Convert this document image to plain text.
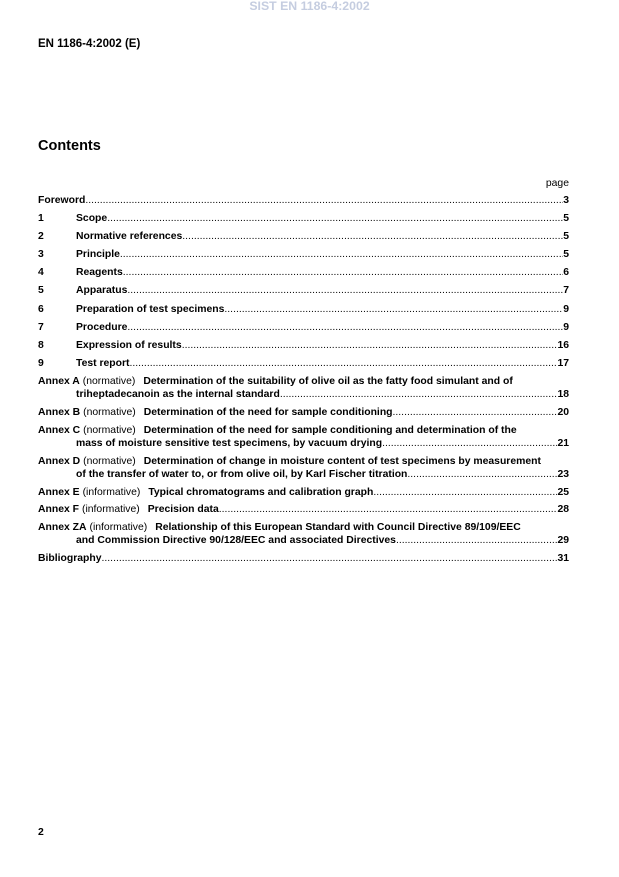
SIST EN 1186-4:2002
EN 1186-4:2002 (E)
Contents
page
Foreword .....	3
1	Scope .....	5
2	Normative references .....	5
3	Principle .....	5
4	Reagents .....	6
5	Apparatus .....	7
6	Preparation of test specimens .....	9
7	Procedure .....	9
8	Expression of results .....	16
9	Test report .....	17
Annex A (normative) Determination of the suitability of olive oil as the fatty food simulant and of
triheptadecanoin as the internal standard .....	18
Annex B (normative) Determination of the need for sample conditioning .....	20
Annex C (normative) Determination of the need for sample conditioning and determination of the
mass of moisture sensitive test specimens, by vacuum drying .....	21
Annex D (normative) Determination of change in moisture content of test specimens by measurement
of the transfer of water to, or from olive oil, by Karl Fischer titration .....	23
Annex E (informative) Typical chromatograms and calibration graph .....	25
Annex F (informative) Precision data .....	28
Annex ZA (informative) Relationship of this European Standard with Council Directive 89/109/EEC
and Commission Directive 90/128/EEC and associated Directives .....	29
Bibliography .....	31
2
